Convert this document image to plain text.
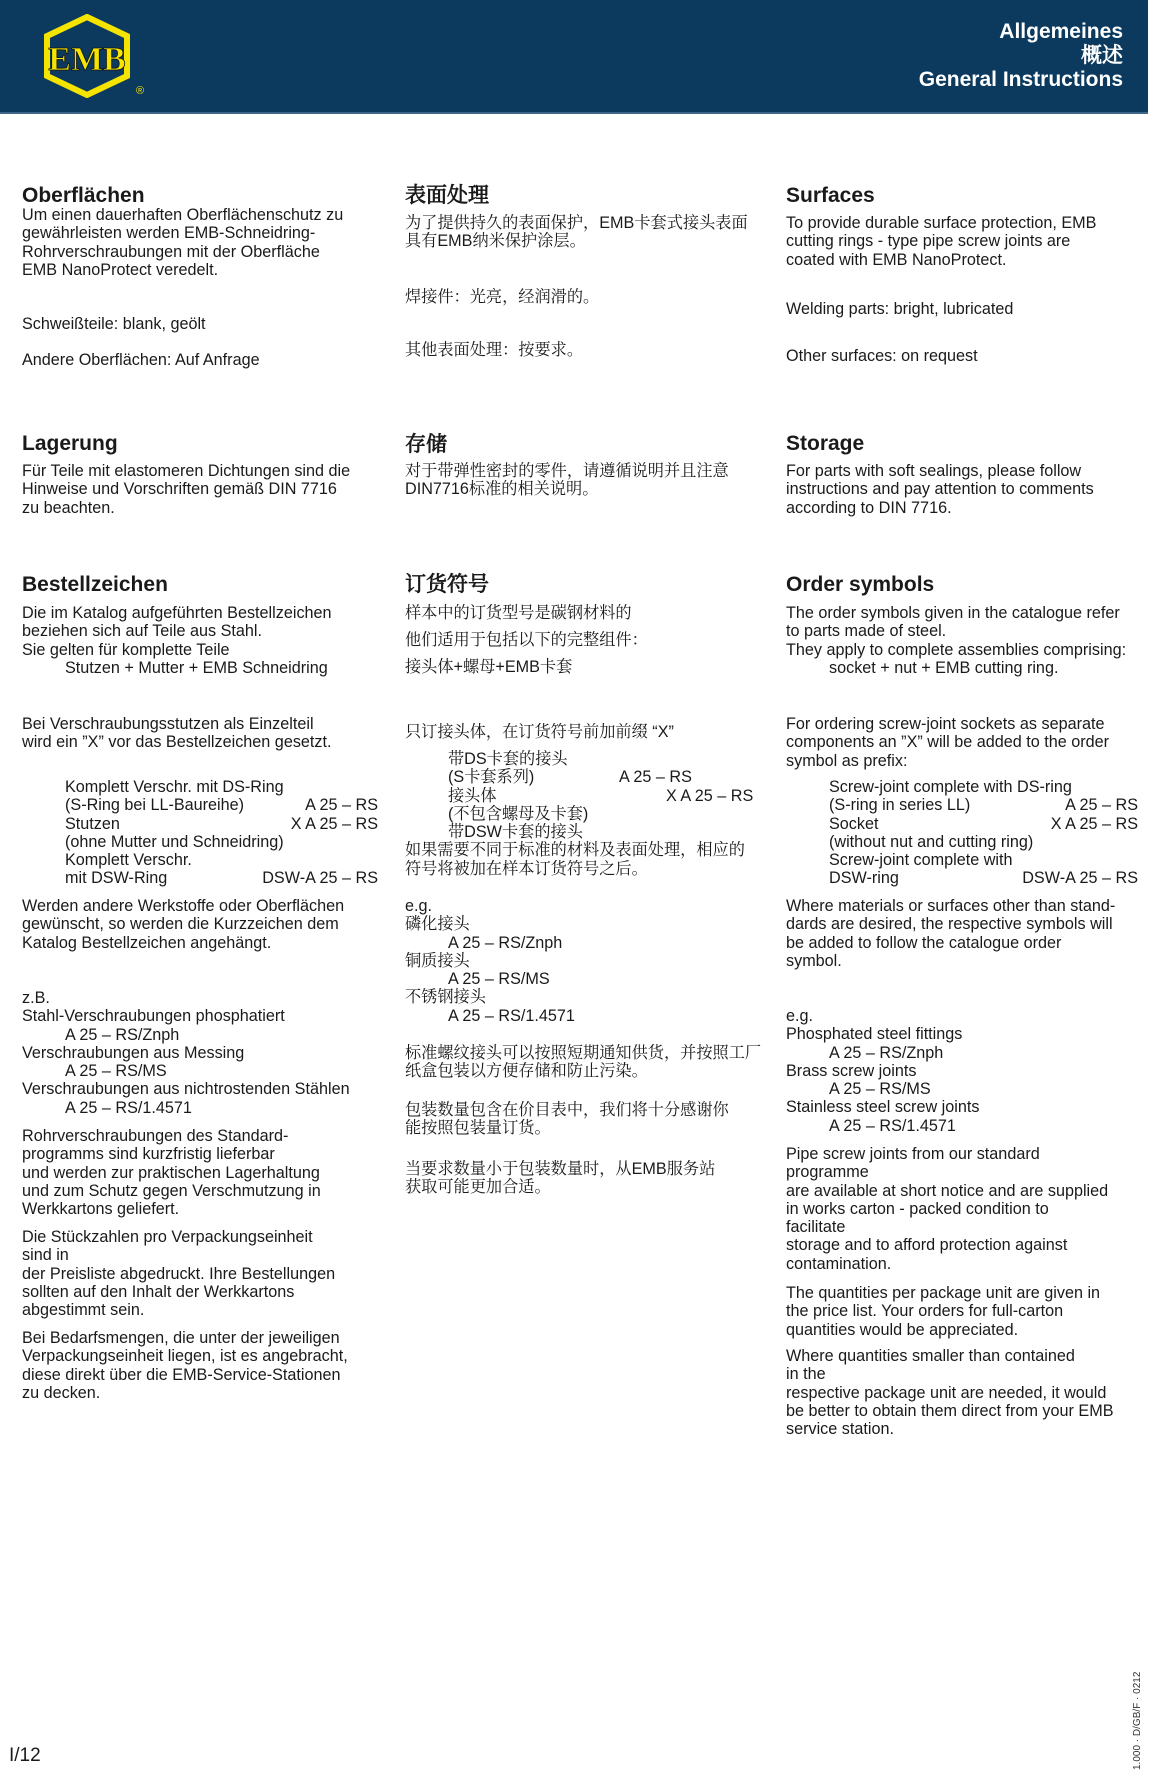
EMB
®
Allgemeines
概述
General Instructions
Oberflächen
Um einen dauerhaften Oberflächenschutz zu
gewährleisten werden EMB-Schneidring-
Rohrverschraubungen mit der Oberfläche
EMB NanoProtect veredelt.
Schweißteile: blank, geölt
Andere Oberflächen: Auf Anfrage
Lagerung
Für Teile mit elastomeren Dichtungen sind die
Hinweise und Vorschriften gemäß DIN 7716
zu beachten.
Bestellzeichen
Die im Katalog aufgeführten Bestellzeichen
beziehen sich auf Teile aus Stahl.
Sie gelten für komplette Teile
Stutzen + Mutter + EMB Schneidring
Bei Verschraubungsstutzen als Einzelteil
wird ein ”X” vor das Bestellzeichen gesetzt.
Komplett Verschr. mit DS-Ring
(S-Ring bei LL-Baureihe)	A 25 – RS
Stutzen	X A 25 – RS
(ohne Mutter und Schneidring)
Komplett Verschr.
mit DSW-Ring	DSW-A 25 – RS
Werden andere Werkstoffe oder Oberflächen
gewünscht, so werden die Kurzzeichen dem
Katalog Bestellzeichen angehängt.
z.B.
Stahl-Verschraubungen phosphatiert
A 25 – RS/Znph
Verschraubungen aus Messing
A 25 – RS/MS
Verschraubungen aus nichtrostenden Stählen
A 25 – RS/1.4571
Rohrverschraubungen des Standard-
programms sind kurzfristig lieferbar
und werden zur praktischen Lagerhaltung
und zum Schutz gegen Verschmutzung in
Werkkartons geliefert.
Die Stückzahlen pro Verpackungseinheit
sind in
der Preisliste abgedruckt. Ihre Bestellungen
sollten auf den Inhalt der Werkkartons
abgestimmt sein.
Bei Bedarfsmengen, die unter der jeweiligen
Verpackungseinheit liegen, ist es angebracht,
diese direkt über die EMB-Service-Stationen
zu decken.
表面处理
为了提供持久的表面保护，EMB卡套式接头表面
具有EMB纳米保护涂层。
焊接件：光亮，经润滑的。
其他表面处理：按要求。
存储
对于带弹性密封的零件，请遵循说明并且注意
DIN7716标准的相关说明。
订货符号
样本中的订货型号是碳钢材料的
他们适用于包括以下的完整组件：
接头体+螺母+EMB卡套
只订接头体，在订货符号前加前缀 “X”
带DS卡套的接头
(S卡套系列)	A 25 – RS
接头体	X A 25 – RS
(不包含螺母及卡套)
带DSW卡套的接头
如果需要不同于标准的材料及表面处理，相应的
符号将被加在样本订货符号之后。
e.g.
磷化接头
A 25 – RS/Znph
铜质接头
A 25 – RS/MS
不锈钢接头
A 25 – RS/1.4571
标准螺纹接头可以按照短期通知供货，并按照工厂
纸盒包装以方便存储和防止污染。
包装数量包含在价目表中，我们将十分感谢你
能按照包装量订货。
当要求数量小于包装数量时，从EMB服务站
获取可能更加合适。
Surfaces
To provide durable surface protection, EMB
cutting rings - type pipe screw joints are
coated with EMB NanoProtect.
Welding parts: bright, lubricated
Other surfaces: on request
Storage
For parts with soft sealings, please follow
instructions and pay attention to comments
according to DIN 7716.
Order symbols
The order symbols given in the catalogue refer
to parts made of steel.
They apply to complete assemblies comprising:
socket + nut + EMB cutting ring.
For ordering screw-joint sockets as separate
components an ”X” will be added to the order
symbol as prefix:
Screw-joint complete with DS-ring
(S-ring in series LL)	A 25 – RS
Socket	X A 25 – RS
(without nut and cutting ring)
Screw-joint complete with
DSW-ring	DSW-A 25 – RS
Where materials or surfaces other than stand-
dards are desired, the respective symbols will
be added to follow the catalogue order
symbol.
e.g.
Phosphated steel fittings
A 25 – RS/Znph
Brass screw joints
A 25 – RS/MS
Stainless steel screw joints
A 25 – RS/1.4571
Pipe screw joints from our standard
programme
are available at short notice and are supplied
in works carton - packed condition to
facilitate
storage and to afford protection against
contamination.
The quantities per package unit are given in
the price list. Your orders for full-carton
quantities would be appreciated.
Where quantities smaller than contained
in the
respective package unit are needed, it would
be better to obtain them direct from your EMB
service station.
I/12	1.000 · D/GB/F · 0212
